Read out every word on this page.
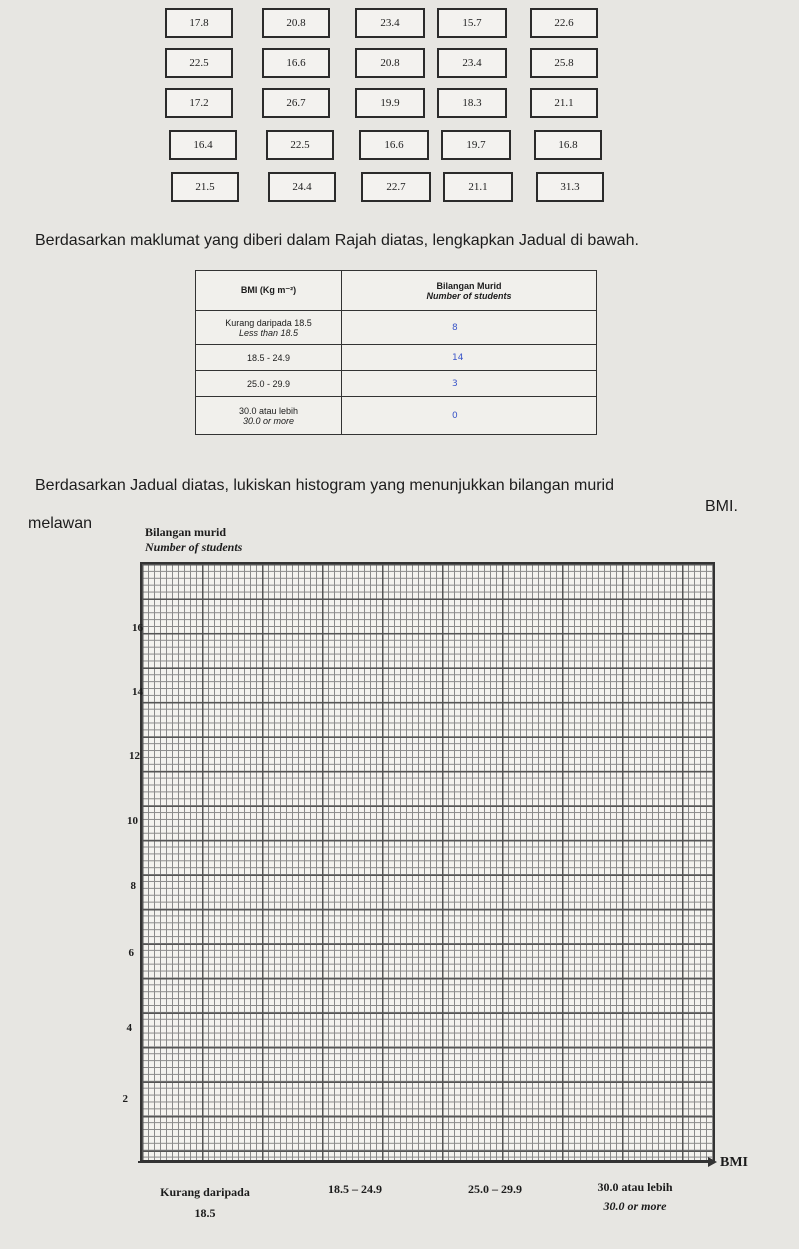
17.8	20.8	23.4	15.7	22.6
22.5	16.6	20.8	23.4	25.8
17.2	26.7	19.9	18.3	21.1
16.4	22.5	16.6	19.7	16.8
21.5	24.4	22.7	21.1	31.3
Berdasarkan maklumat yang diberi dalam Rajah diatas, lengkapkan Jadual di bawah.
BMI (Kg m⁻²)	Bilangan Murid
Number of students

Kurang daripada 18.5
Less than 18.5	8
18.5 - 24.9	14
25.0 - 29.9	3
30.0 atau lebih
30.0 or more	0
Berdasarkan Jadual diatas, lukiskan histogram yang menunjukkan bilangan murid
BMI.
melawan	Bilangan murid
Number of students
16
14
12
10
8
6
4
2
BMI
Kurang daripada
18.5
18.5 – 24.9	25.0 – 29.9	30.0 atau lebih
30.0 or more
